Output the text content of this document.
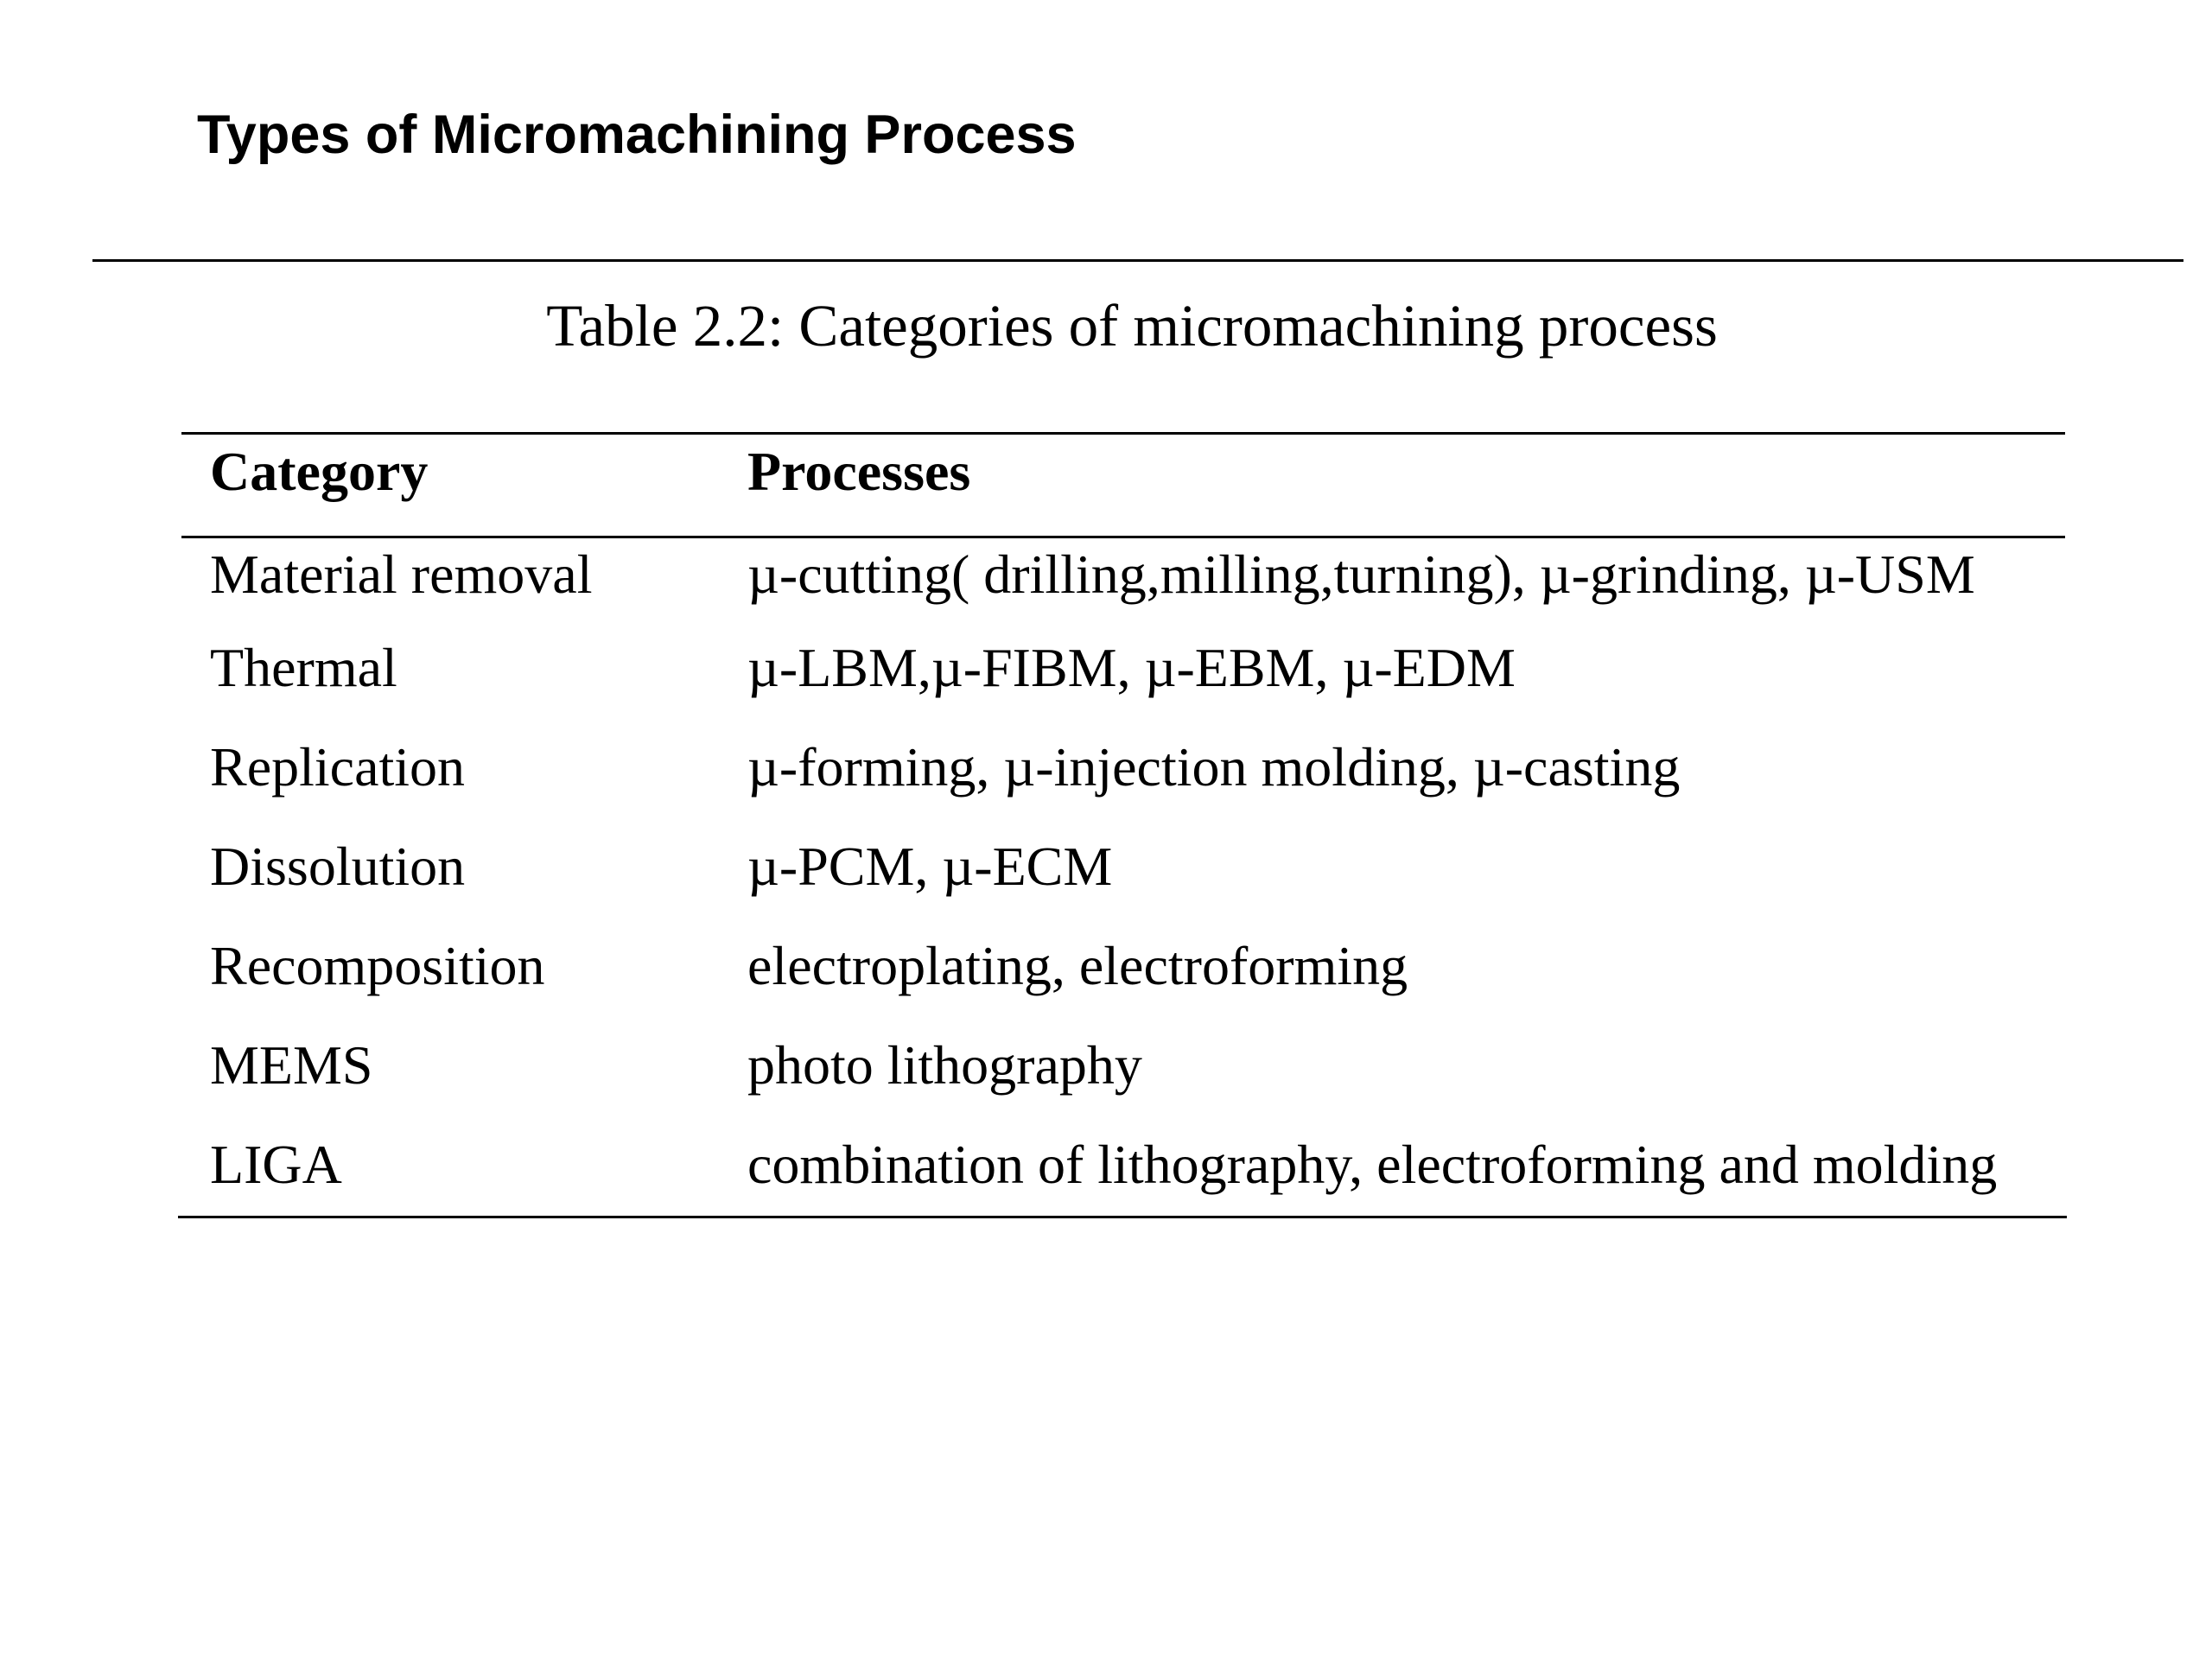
Types of Micromachining Process
Table 2.2: Categories of micromachining process
Category	Processes
Material removal	µ-cutting( drilling,milling,turning), µ-grinding, µ-USM
Thermal	µ-LBM,µ-FIBM, µ-EBM, µ-EDM
Replication	µ-forming, µ-injection molding, µ-casting
Dissolution	µ-PCM, µ-ECM
Recomposition	electroplating, electroforming
MEMS	photo lithography
LIGA	combination of lithography, electroforming and molding
